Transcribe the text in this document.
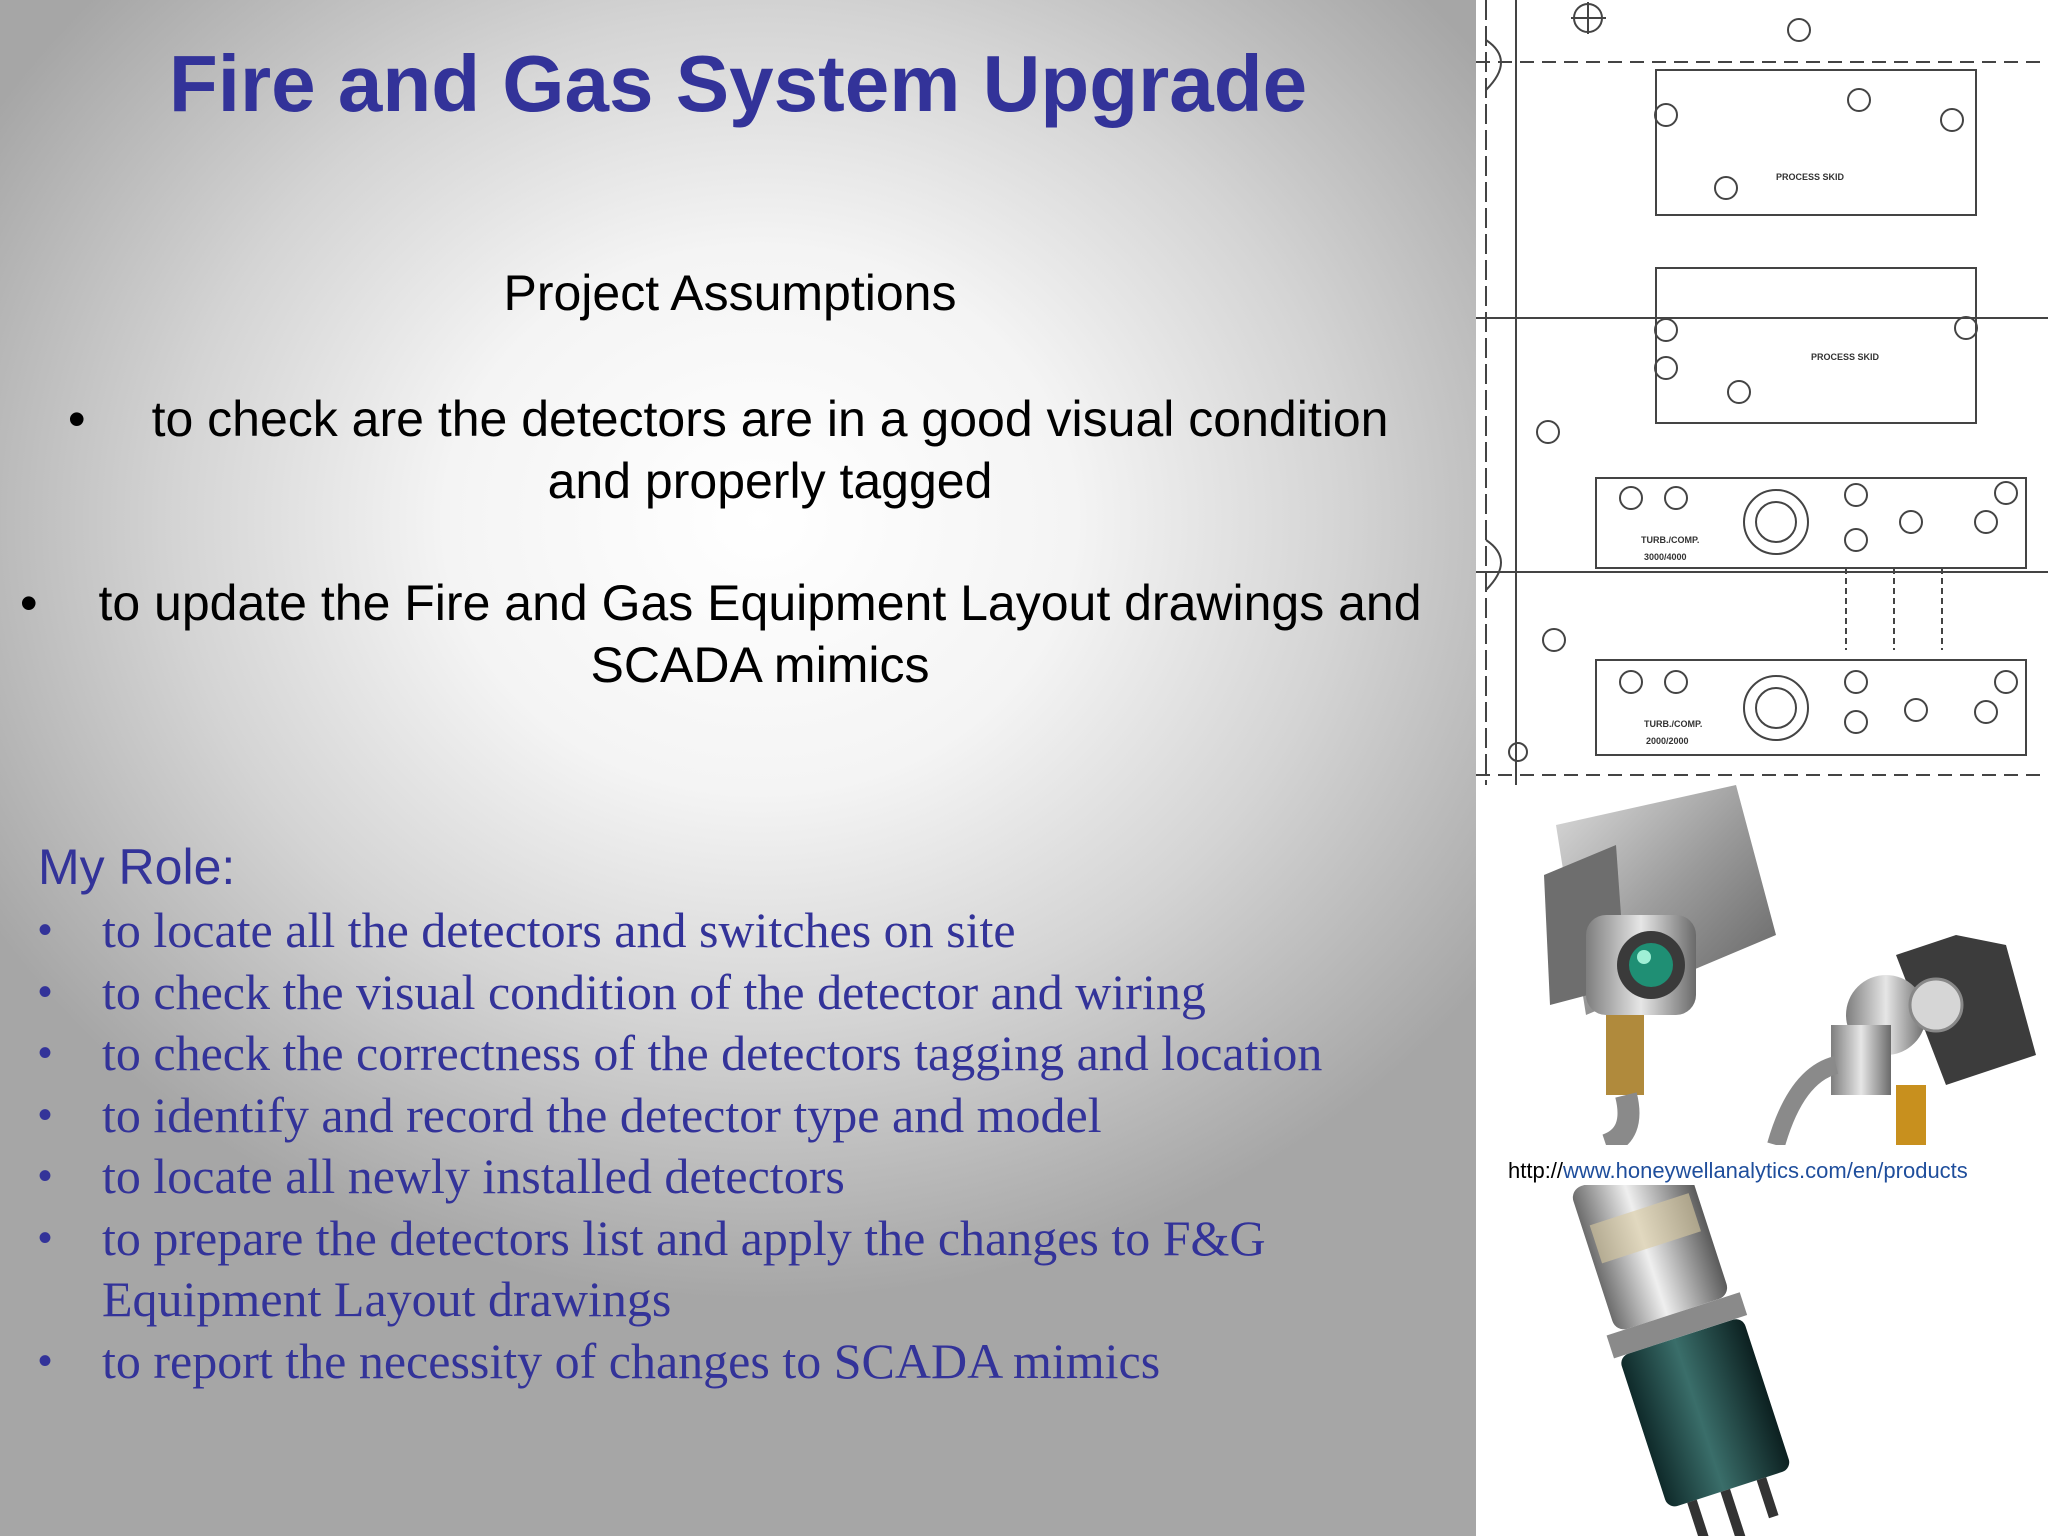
Fire and Gas System Upgrade
Project Assumptions
•	to check are the detectors are in a good visual condition
and properly tagged
•	to update the Fire and Gas Equipment Layout drawings and
SCADA mimics
My Role:
• to locate all the detectors and switches on site
• to check the visual condition of the detector and wiring
• to check the correctness of the detectors tagging and location
• to identify and record the detector type and model
• to locate all newly installed detectors
• to prepare the detectors list and apply the changes to F&G
Equipment Layout drawings
• to report the necessity of changes to SCADA mimics
PROCESS SKID
PROCESS SKID
TURB./COMP.
3000/4000
TURB./COMP.
2000/2000
http://www.honeywellanalytics.com/en/products
